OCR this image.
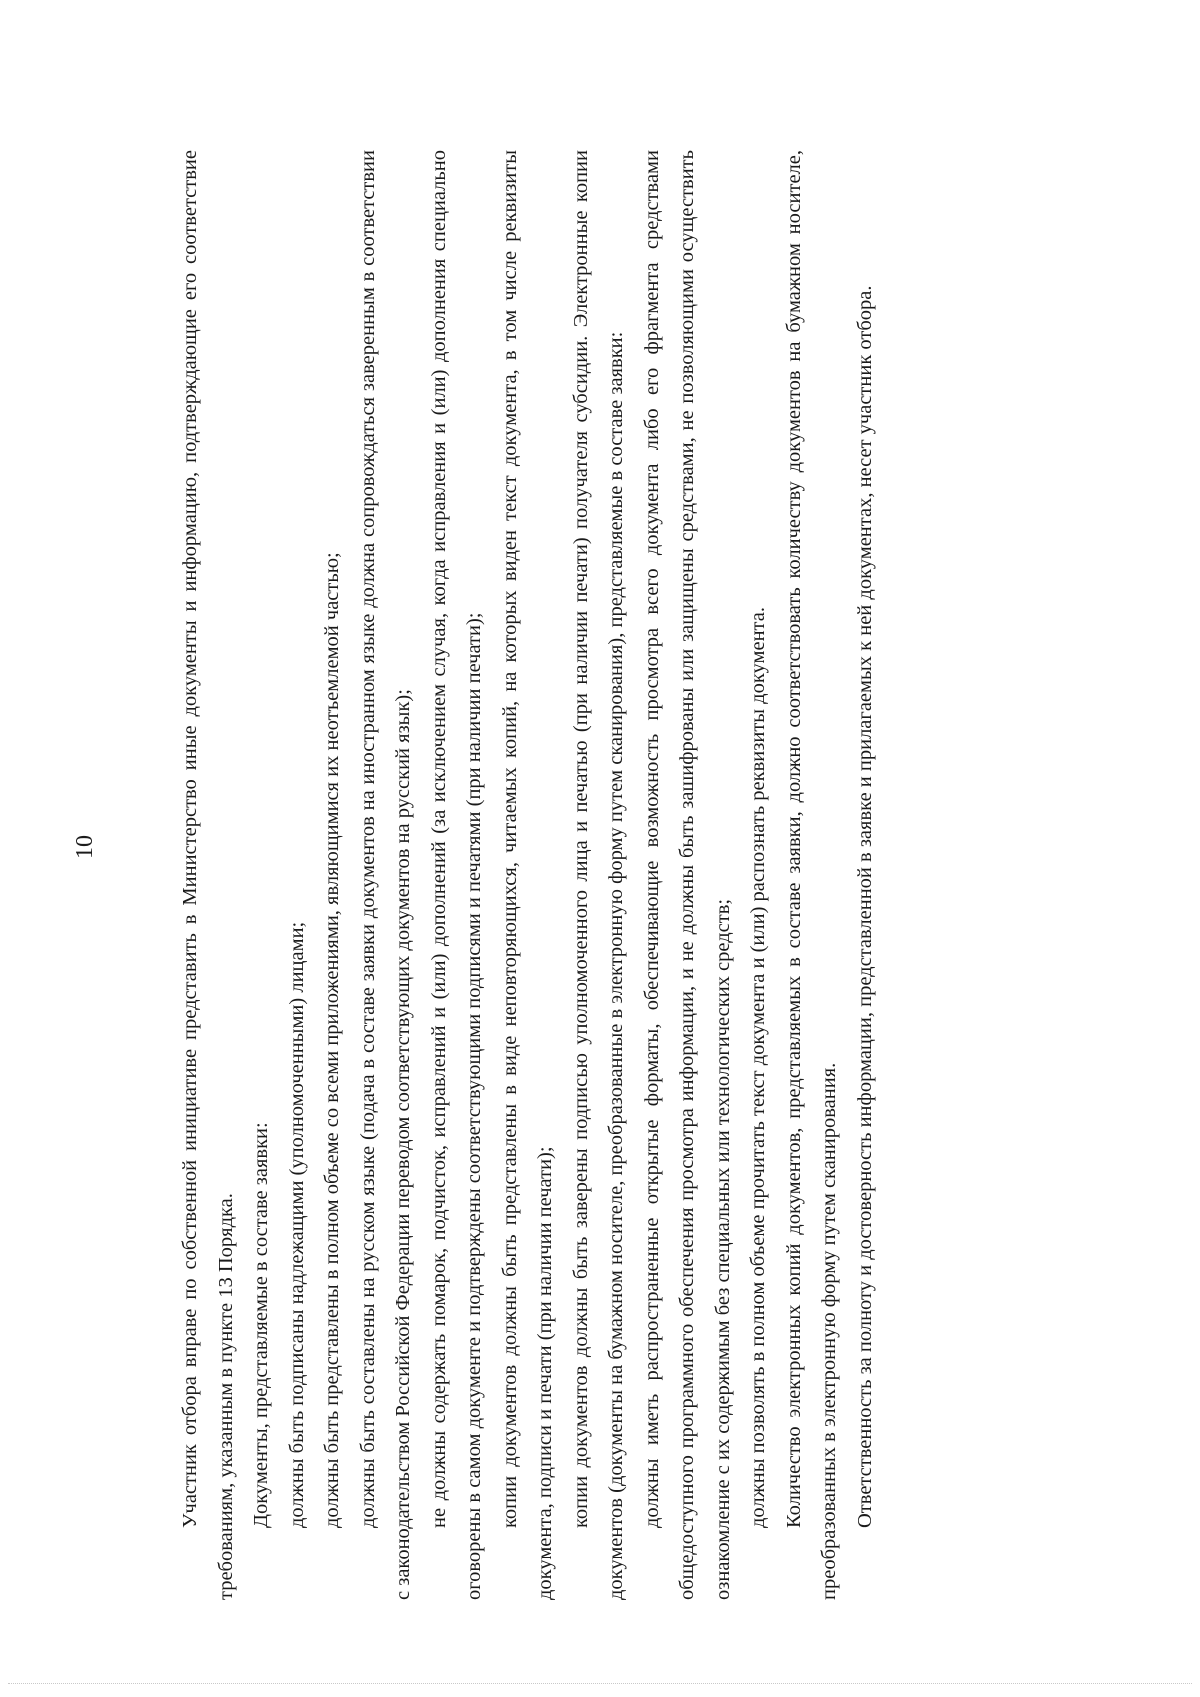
10	Участник отбора вправе по собственной инициативе представить в Министерство иные документы и информацию, подтверждающие его соответствие требованиям, указанным в пункте 13 Порядка. Документы, представляемые в составе заявки: должны быть подписаны надлежащими (уполномоченными) лицами; должны быть представлены в полном объеме со всеми приложениями, являющимися их неотъемлемой частью; должны быть составлены на русском языке (подача в составе заявки документов на иностранном языке должна сопровождаться заверенным в соответствии с законодательством Российской Федерации переводом соответствующих документов на русский язык); не должны содержать помарок, подчисток, исправлений и (или) дополнений (за исключением случая, когда исправления и (или) дополнения специально оговорены в самом документе и подтверждены соответствующими подписями и печатями (при наличии печати); копии документов должны быть представлены в виде неповторяющихся, читаемых копий, на которых виден текст документа, в том числе реквизиты документа, подписи и печати (при наличии печати); копии документов должны быть заверены подписью уполномоченного лица и печатью (при наличии печати) получателя субсидии. Электронные копии документов (документы на бумажном носителе, преобразованные в электронную форму путем сканирования), представляемые в составе заявки: должны иметь распространенные открытые форматы, обеспечивающие возможность просмотра всего документа либо его фрагмента средствами общедоступного программного обеспечения просмотра информации, и не должны быть зашифрованы или защищены средствами, не позволяющими осуществить ознакомление с их содержимым без специальных или технологических средств; должны позволять в полном объеме прочитать текст документа и (или) распознать реквизиты документа. Количество электронных копий документов, представляемых в составе заявки, должно соответствовать количеству документов на бумажном носителе, преобразованных в электронную форму путем сканирования. Ответственность за полноту и достоверность информации, представленной в заявке и прилагаемых к ней документах, несет участник отбора.
